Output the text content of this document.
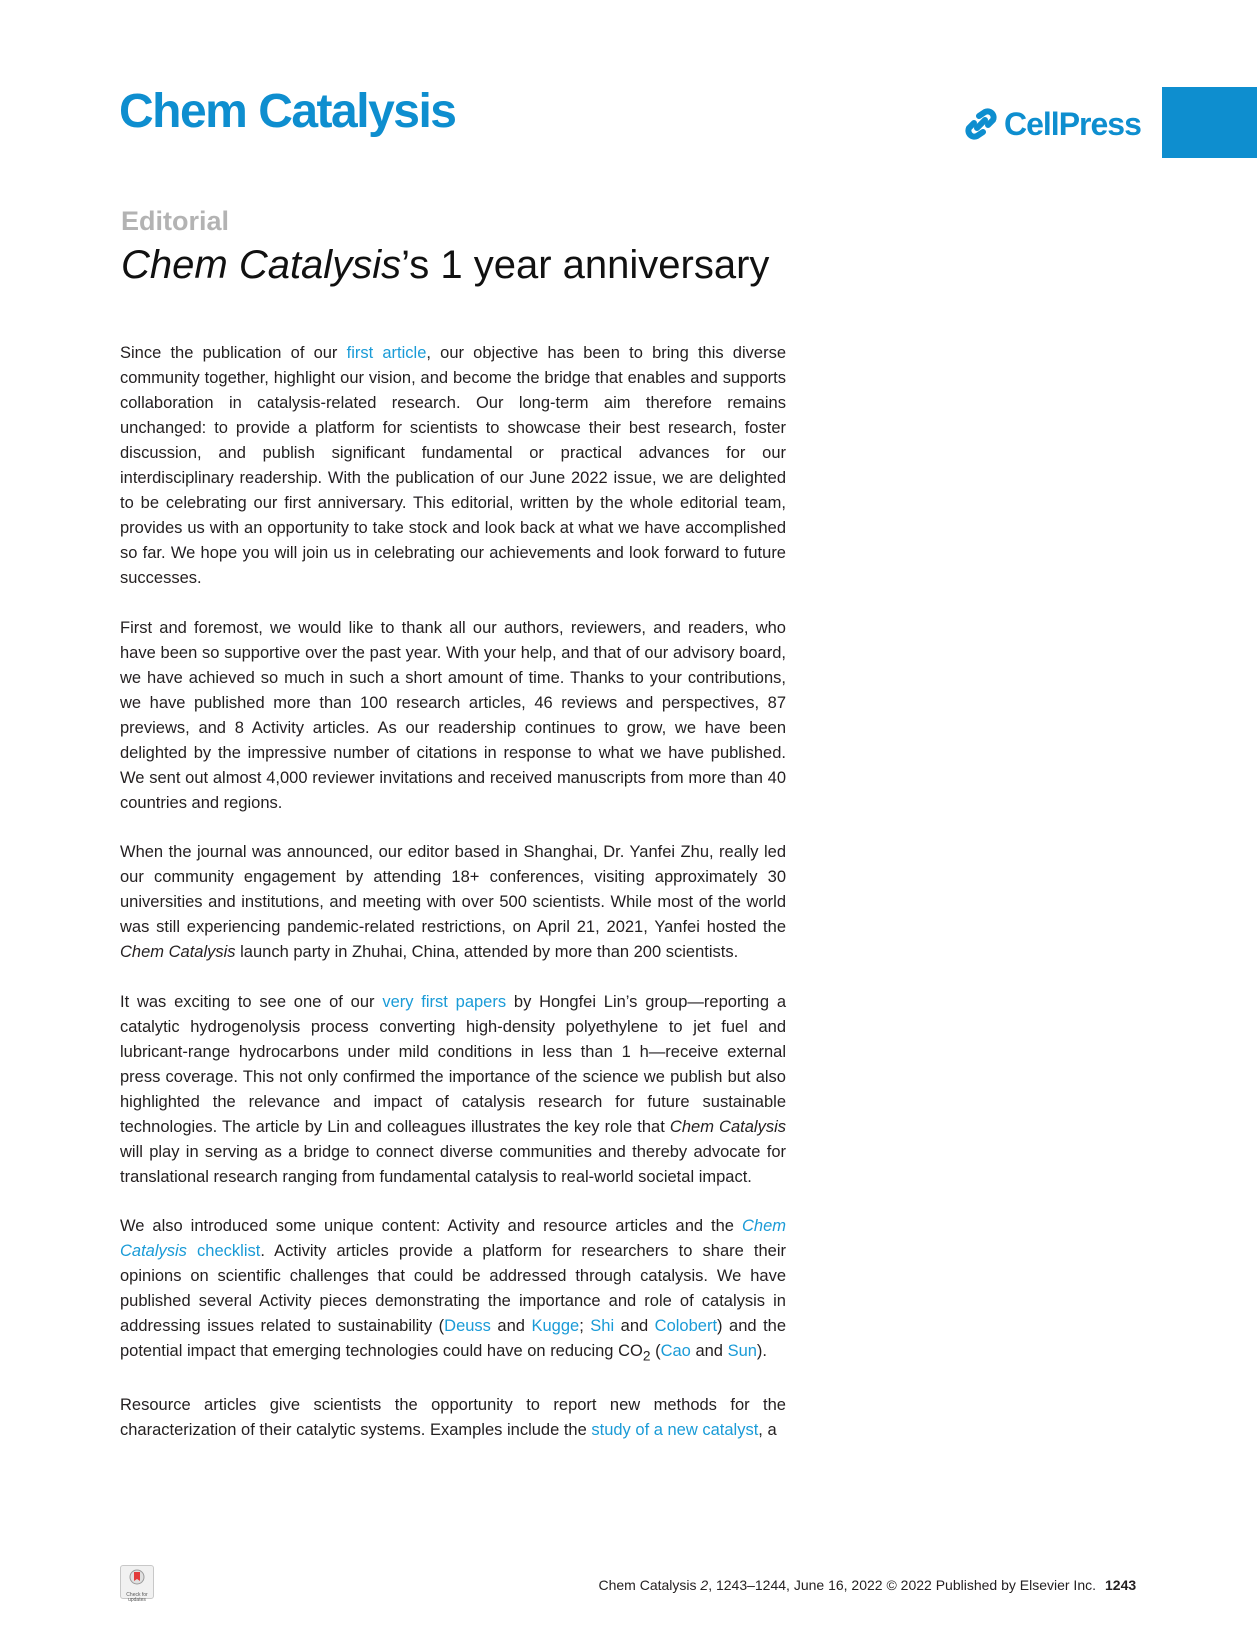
Chem Catalysis	CellPress
Editorial
Chem Catalysis’s 1 year anniversary

Since the publication of our first article, our objective has been to bring this diverse community together, highlight our vision, and become the bridge that enables and supports collaboration in catalysis-related research. Our long-term aim therefore remains unchanged: to provide a platform for scientists to showcase their best research, foster discussion, and publish significant fundamental or practical advances for our interdisciplinary readership. With the publication of our June 2022 issue, we are delighted to be celebrating our first anniversary. This editorial, written by the whole editorial team, provides us with an opportunity to take stock and look back at what we have accomplished so far. We hope you will join us in celebrating our achievements and look forward to future successes.

First and foremost, we would like to thank all our authors, reviewers, and readers, who have been so supportive over the past year. With your help, and that of our advisory board, we have achieved so much in such a short amount of time. Thanks to your contributions, we have published more than 100 research articles, 46 reviews and perspectives, 87 previews, and 8 Activity articles. As our readership continues to grow, we have been delighted by the impressive number of citations in response to what we have published. We sent out almost 4,000 reviewer invitations and received manuscripts from more than 40 countries and regions.

When the journal was announced, our editor based in Shanghai, Dr. Yanfei Zhu, really led our community engagement by attending 18+ conferences, visiting approximately 30 universities and institutions, and meeting with over 500 scientists. While most of the world was still experiencing pandemic-related restrictions, on April 21, 2021, Yanfei hosted the Chem Catalysis launch party in Zhuhai, China, attended by more than 200 scientists.

It was exciting to see one of our very first papers by Hongfei Lin’s group—reporting a catalytic hydrogenolysis process converting high-density polyethylene to jet fuel and lubricant-range hydrocarbons under mild conditions in less than 1 h—receive external press coverage. This not only confirmed the importance of the science we publish but also highlighted the relevance and impact of catalysis research for future sustainable technologies. The article by Lin and colleagues illustrates the key role that Chem Catalysis will play in serving as a bridge to connect diverse communities and thereby advocate for translational research ranging from fundamental catalysis to real-world societal impact.

We also introduced some unique content: Activity and resource articles and the Chem Catalysis checklist. Activity articles provide a platform for researchers to share their opinions on scientific challenges that could be addressed through catalysis. We have published several Activity pieces demonstrating the importance and role of catalysis in addressing issues related to sustainability (Deuss and Kugge; Shi and Colobert) and the potential impact that emerging technologies could have on reducing $CO_2$ (Cao and Sun).

Resource articles give scientists the opportunity to report new methods for the characterization of their catalytic systems. Examples include the study of a new catalyst, a

Check for updates
Chem Catalysis 2, 1243–1244, June 16, 2022 © 2022 Published by Elsevier Inc. 1243
